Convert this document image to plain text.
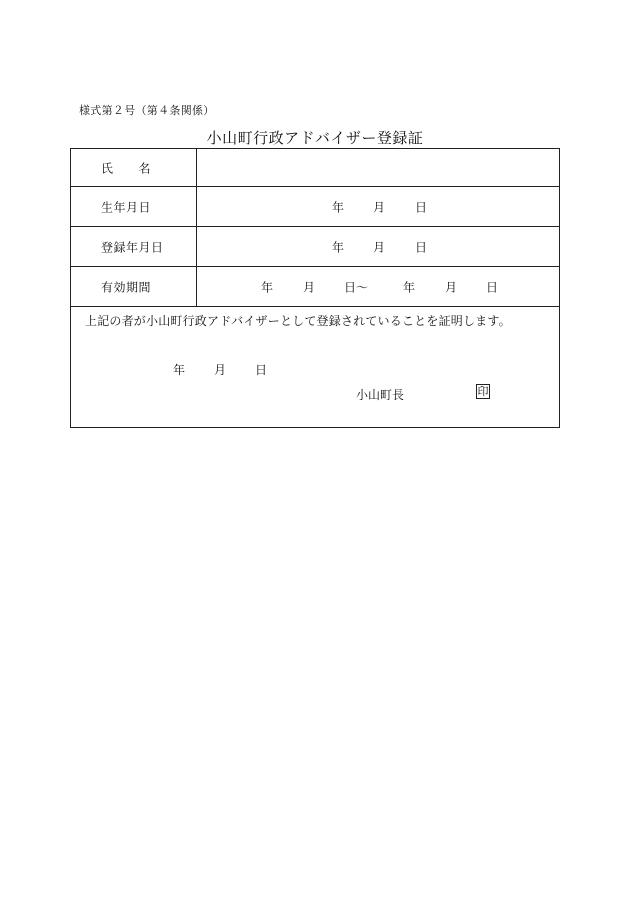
様式第２号（第４条関係）
小山町行政アドバイザー登録証
氏　　名
生年月日	年 月 日
登録年月日	年 月 日
有効期間	年 月 日～	年 月 日
上記の者が小山町行政アドバイザーとして登録されていることを証明します。
年 月 日
小山町長	印
